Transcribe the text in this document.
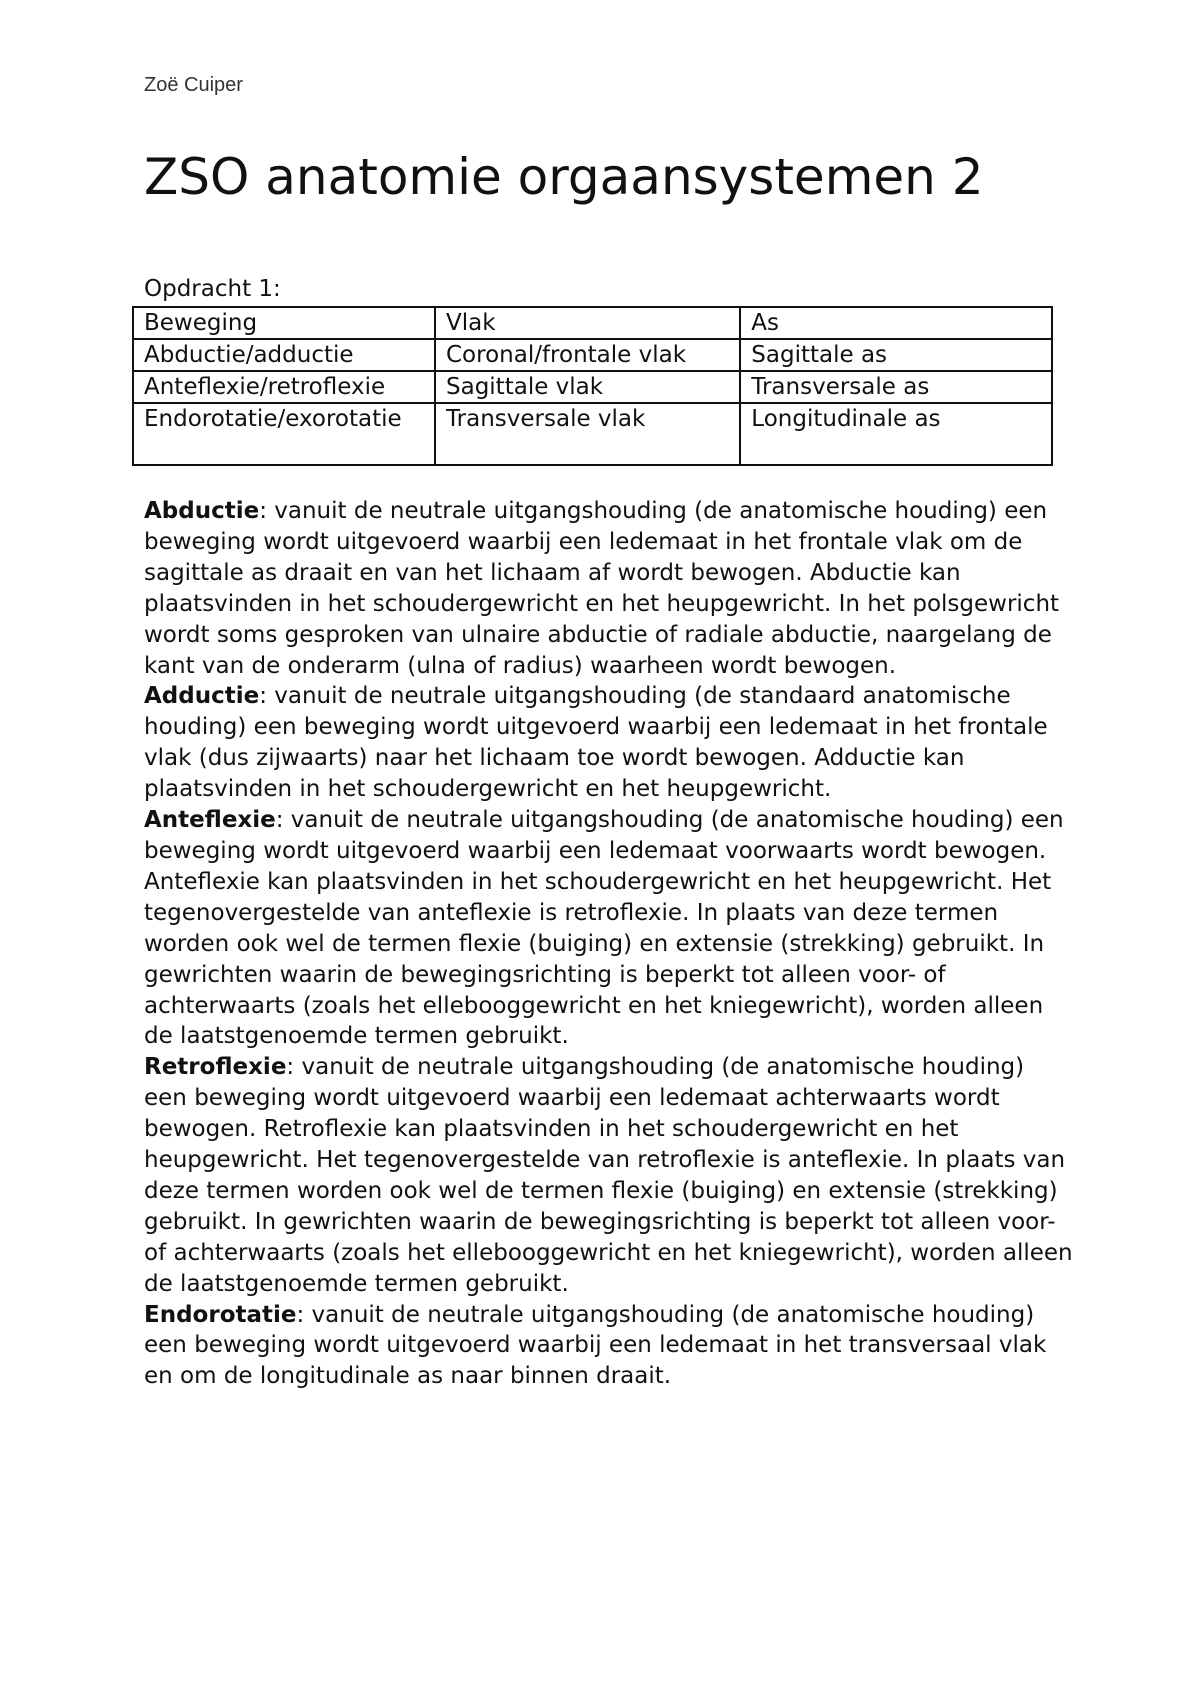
Zoë Cuiper
ZSO anatomie orgaansystemen 2
Opdracht 1:
Beweging	Vlak	As
Abductie/adductie	Coronal/frontale vlak	Sagittale as
Anteflexie/retroflexie	Sagittale vlak	Transversale as

Endorotatie/exorotatie	Transversale vlak	Longitudinale as

Abductie: vanuit de neutrale uitgangshouding (de anatomische houding) een beweging wordt uitgevoerd waarbij een ledemaat in het frontale vlak om de sagittale as draait en van het lichaam af wordt bewogen. Abductie kan plaatsvinden in het schoudergewricht en het heupgewricht. In het polsgewricht wordt soms gesproken van ulnaire abductie of radiale abductie, naargelang de kant van de onderarm (ulna of radius) waarheen wordt bewogen.

Adductie: vanuit de neutrale uitgangshouding (de standaard anatomische houding) een beweging wordt uitgevoerd waarbij een ledemaat in het frontale vlak (dus zijwaarts) naar het lichaam toe wordt bewogen. Adductie kan plaatsvinden in het schoudergewricht en het heupgewricht.

Anteflexie: vanuit de neutrale uitgangshouding (de anatomische houding) een beweging wordt uitgevoerd waarbij een ledemaat voorwaarts wordt bewogen. Anteflexie kan plaatsvinden in het schoudergewricht en het heupgewricht. Het tegenovergestelde van anteflexie is retroflexie. In plaats van deze termen worden ook wel de termen flexie (buiging) en extensie (strekking) gebruikt. In gewrichten waarin de bewegingsrichting is beperkt tot alleen voor- of achterwaarts (zoals het ellebooggewricht en het kniegewricht), worden alleen de laatstgenoemde termen gebruikt.

Retroflexie: vanuit de neutrale uitgangshouding (de anatomische houding) een beweging wordt uitgevoerd waarbij een ledemaat achterwaarts wordt bewogen. Retroflexie kan plaatsvinden in het schoudergewricht en het heupgewricht. Het tegenovergestelde van retroflexie is anteflexie. In plaats van deze termen worden ook wel de termen flexie (buiging) en extensie (strekking) gebruikt. In gewrichten waarin de bewegingsrichting is beperkt tot alleen voor- of achterwaarts (zoals het ellebooggewricht en het kniegewricht), worden alleen de laatstgenoemde termen gebruikt.

Endorotatie: vanuit de neutrale uitgangshouding (de anatomische houding) een beweging wordt uitgevoerd waarbij een ledemaat in het transversaal vlak en om de longitudinale as naar binnen draait.
